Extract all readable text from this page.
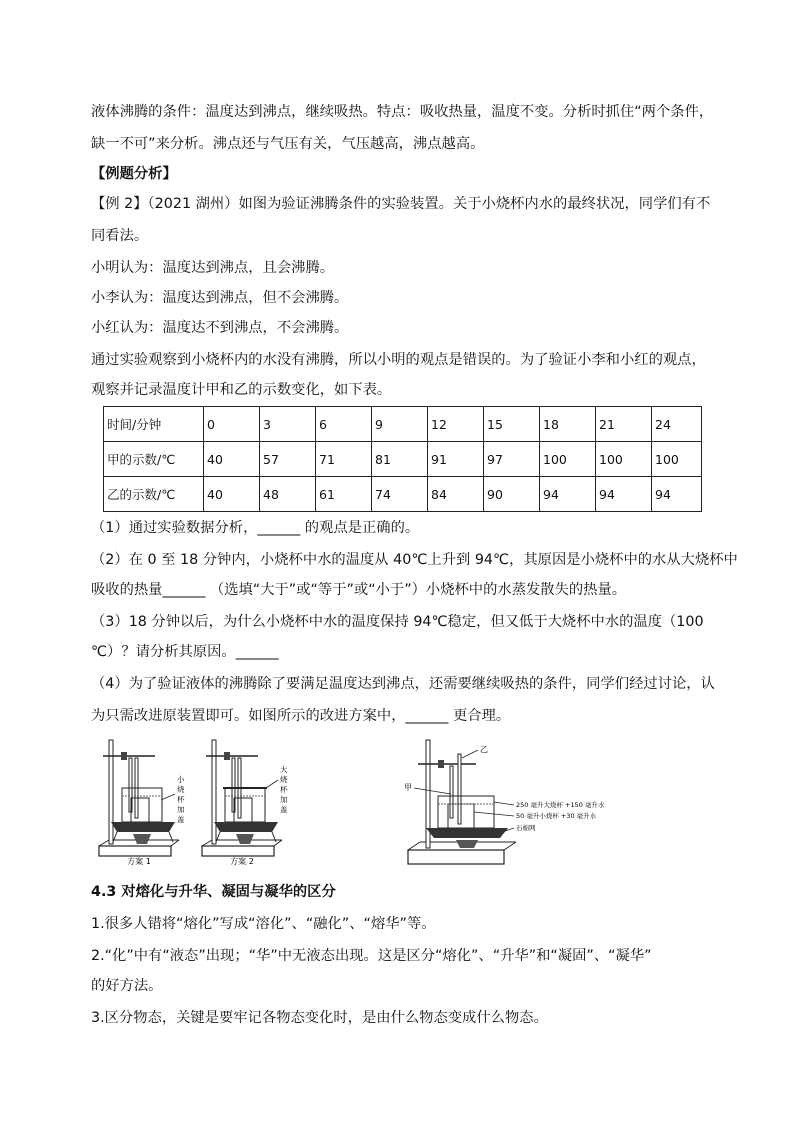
液体沸腾的条件：温度达到沸点，继续吸热。特点：吸收热量，温度不变。分析时抓住“两个条件，
缺一不可”来分析。沸点还与气压有关，气压越高，沸点越高。
【例题分析】
【例 2】（2021 湖州）如图为验证沸腾条件的实验装置。关于小烧杯内水的最终状况，同学们有不
同看法。
小明认为：温度达到沸点，且会沸腾。
小李认为：温度达到沸点，但不会沸腾。
小红认为：温度达不到沸点，不会沸腾。
通过实验观察到小烧杯内的水没有沸腾，所以小明的观点是错误的。为了验证小李和小红的观点，
观察并记录温度计甲和乙的示数变化，如下表。
时间/分钟	0	3	6	9	12	15	18	21	24
甲的示数/℃	40	57	71	81	91	97	100	100	100
乙的示数/℃	40	48	61	74	84	90	94	94	94
（1）通过实验数据分析，______ 的观点是正确的。
（2）在 0 至 18 分钟内，小烧杯中水的温度从 40℃上升到 94℃，其原因是小烧杯中的水从大烧杯中
吸收的热量______ （选填“大于”或“等于”或“小于”）小烧杯中的水蒸发散失的热量。
（3）18 分钟以后，为什么小烧杯中水的温度保持 94℃稳定，但又低于大烧杯中水的温度（100
℃）？请分析其原因。______
（4）为了验证液体的沸腾除了要满足温度达到沸点，还需要继续吸热的条件，同学们经过讨论，认
为只需改进原装置即可。如图所示的改进方案中，______ 更合理。
方案 1
小
烧
杯
加
盖
方案 2
大
烧
杯
加
盖
乙
甲
250 毫升大烧杯 +150 毫升水
50 毫升小烧杯 +30 毫升水
石棉网
4.3 对熔化与升华、凝固与凝华的区分
1.很多人错将“熔化”写成“溶化”、“融化”、“熔华”等。
2.“化”中有“液态”出现；“华”中无液态出现。这是区分“熔化”、“升华”和“凝固”、“凝华”
的好方法。
3.区分物态，关键是要牢记各物态变化时，是由什么物态变成什么物态。
